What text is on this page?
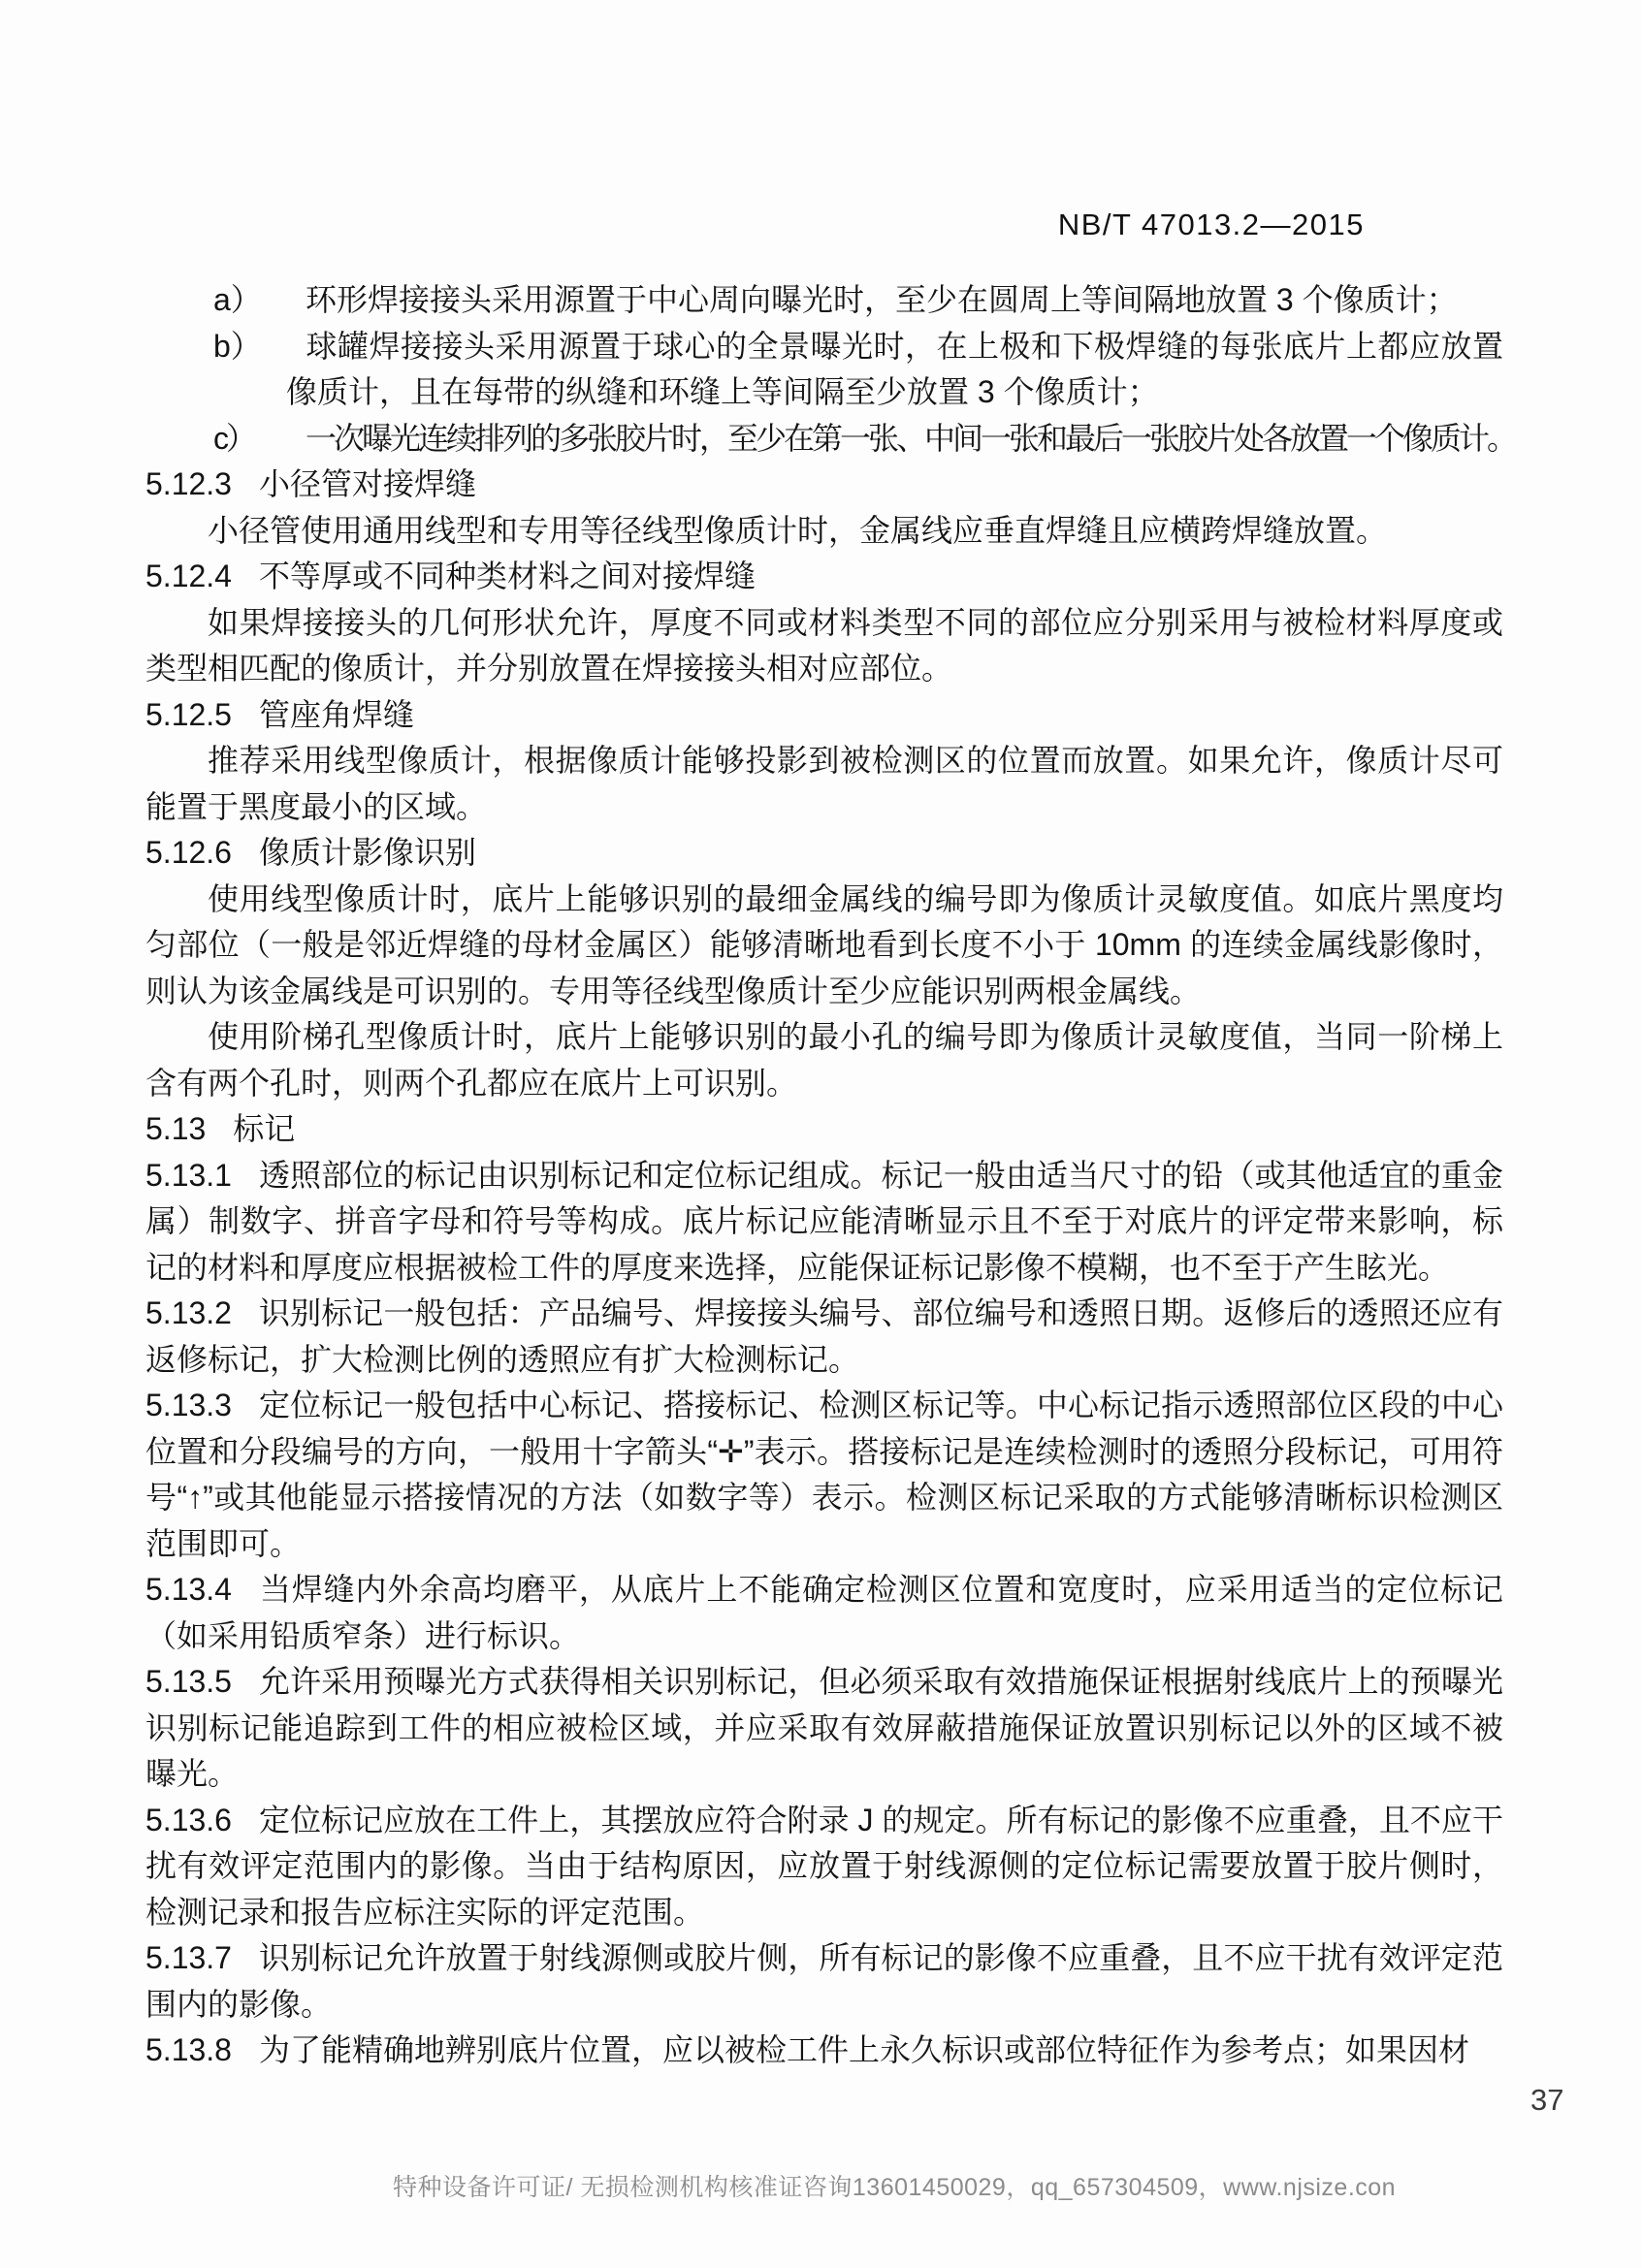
NB/T 47013.2—2015

a） 环形焊接接头采用源置于中心周向曝光时，至少在圆周上等间隔地放置 3 个像质计；

b） 球罐焊接接头采用源置于球心的全景曝光时，在上极和下极焊缝的每张底片上都应放置像质计，且在每带的纵缝和环缝上等间隔至少放置 3 个像质计；

c） 一次曝光连续排列的多张胶片时，至少在第一张、中间一张和最后一张胶片处各放置一个像质计。

5.12.3 小径管对接焊缝

小径管使用通用线型和专用等径线型像质计时，金属线应垂直焊缝且应横跨焊缝放置。

5.12.4 不等厚或不同种类材料之间对接焊缝

如果焊接接头的几何形状允许，厚度不同或材料类型不同的部位应分别采用与被检材料厚度或类型相匹配的像质计，并分别放置在焊接接头相对应部位。

5.12.5 管座角焊缝

推荐采用线型像质计，根据像质计能够投影到被检测区的位置而放置。如果允许，像质计尽可能置于黑度最小的区域。

5.12.6 像质计影像识别

使用线型像质计时，底片上能够识别的最细金属线的编号即为像质计灵敏度值。如底片黑度均匀部位（一般是邻近焊缝的母材金属区）能够清晰地看到长度不小于 10mm 的连续金属线影像时，则认为该金属线是可识别的。专用等径线型像质计至少应能识别两根金属线。

使用阶梯孔型像质计时，底片上能够识别的最小孔的编号即为像质计灵敏度值，当同一阶梯上含有两个孔时，则两个孔都应在底片上可识别。

5.13 标记

5.13.1 透照部位的标记由识别标记和定位标记组成。标记一般由适当尺寸的铅（或其他适宜的重金属）制数字、拼音字母和符号等构成。底片标记应能清晰显示且不至于对底片的评定带来影响，标记的材料和厚度应根据被检工件的厚度来选择，应能保证标记影像不模糊，也不至于产生眩光。

5.13.2 识别标记一般包括：产品编号、焊接接头编号、部位编号和透照日期。返修后的透照还应有返修标记，扩大检测比例的透照应有扩大检测标记。

5.13.3 定位标记一般包括中心标记、搭接标记、检测区标记等。中心标记指示透照部位区段的中心位置和分段编号的方向，一般用十字箭头“✛”表示。搭接标记是连续检测时的透照分段标记，可用符号“↑”或其他能显示搭接情况的方法（如数字等）表示。检测区标记采取的方式能够清晰标识检测区范围即可。

5.13.4 当焊缝内外余高均磨平，从底片上不能确定检测区位置和宽度时，应采用适当的定位标记（如采用铅质窄条）进行标识。

5.13.5 允许采用预曝光方式获得相关识别标记，但必须采取有效措施保证根据射线底片上的预曝光识别标记能追踪到工件的相应被检区域，并应采取有效屏蔽措施保证放置识别标记以外的区域不被曝光。

5.13.6 定位标记应放在工件上，其摆放应符合附录 J 的规定。所有标记的影像不应重叠，且不应干扰有效评定范围内的影像。当由于结构原因，应放置于射线源侧的定位标记需要放置于胶片侧时，检测记录和报告应标注实际的评定范围。

5.13.7 识别标记允许放置于射线源侧或胶片侧，所有标记的影像不应重叠，且不应干扰有效评定范围内的影像。

5.13.8 为了能精确地辨别底片位置，应以被检工件上永久标识或部位特征作为参考点；如果因材

37
特种设备许可证/ 无损检测机构核准证咨询13601450029，qq_657304509，www.njsize.con
